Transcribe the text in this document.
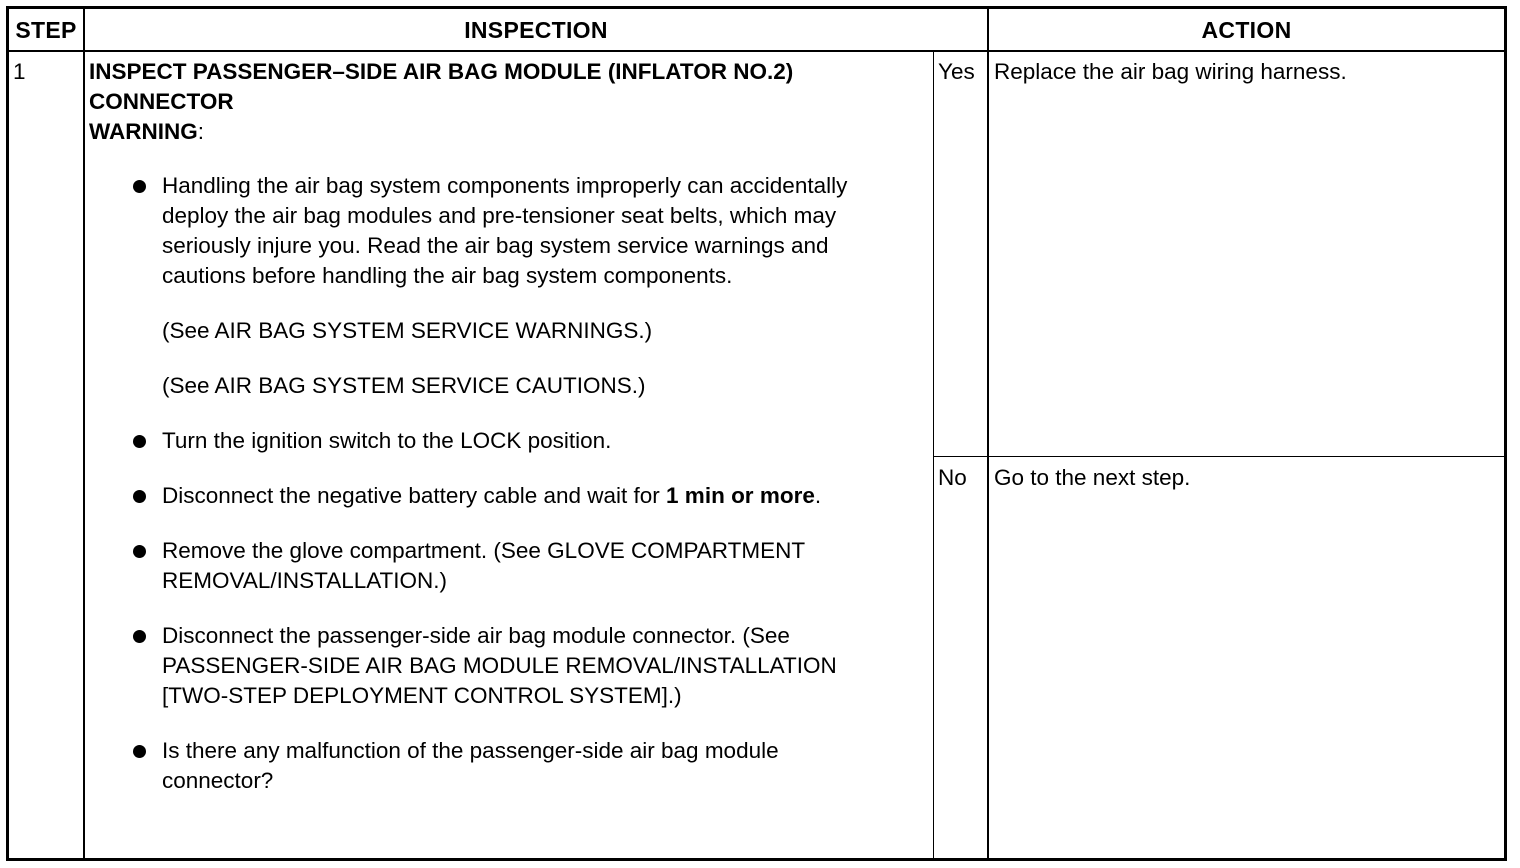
STEP	INSPECTION	ACTION
1	INSPECT PASSENGER–SIDE AIR BAG MODULE (INFLATOR NO.2)
CONNECTOR
WARNING:
Handling the air bag system components improperly can accidentally deploy the air bag modules and pre-tensioner seat belts, which may seriously injure you. Read the air bag system service warnings and cautions before handling the air bag system components.
(See AIR BAG SYSTEM SERVICE WARNINGS.)
(See AIR BAG SYSTEM SERVICE CAUTIONS.)
Turn the ignition switch to the LOCK position.
Disconnect the negative battery cable and wait for 1 min or more.
Remove the glove compartment. (See GLOVE COMPARTMENT REMOVAL/INSTALLATION.)
Disconnect the passenger-side air bag module connector. (See PASSENGER-SIDE AIR BAG MODULE REMOVAL/INSTALLATION [TWO-STEP DEPLOYMENT CONTROL SYSTEM].)
Is there any malfunction of the passenger-side air bag module connector?
Yes Replace the air bag wiring harness.
No Go to the next step.
